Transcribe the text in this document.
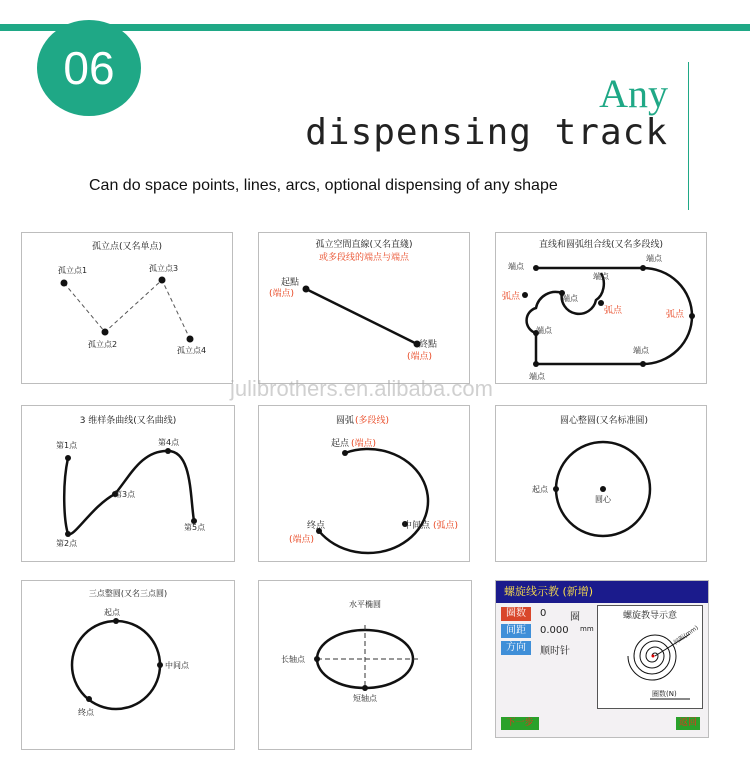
06	Any
dispensing track
Can do space points, lines, arcs, optional dispensing of any shape
孤立点(又名单点)
孤立点1
孤立点2
孤立点3
孤立点4
孤立空間直線(又名直綫)
或多段线的端点与端点
起點
(端点)
終點
(端点)
直线和圆弧组合线(又名多段线)
端点
端点
弧点	端点
弧点
端点
弧点
端点
端点
端点
julibrothers.en.alibaba.com
3 维样条曲线(又名曲线)
第1点
第2点
第3点
第4点
第5点
圆弧 (多段线)
起点 (端点)
中间点 (弧点)
终点
(端点)
圆心整圆(又名标准圆)
起点
圆心
三点整圆(又名三点圆)
起点
中间点
终点
水平椭圆
长轴点
短轴点
螺旋线示教 (新增)
圈数	0 圈
间距	0.000 mm
方向	顺时针
螺旋教导示意
间距(mm)
圈数(N)
下一步	返回
